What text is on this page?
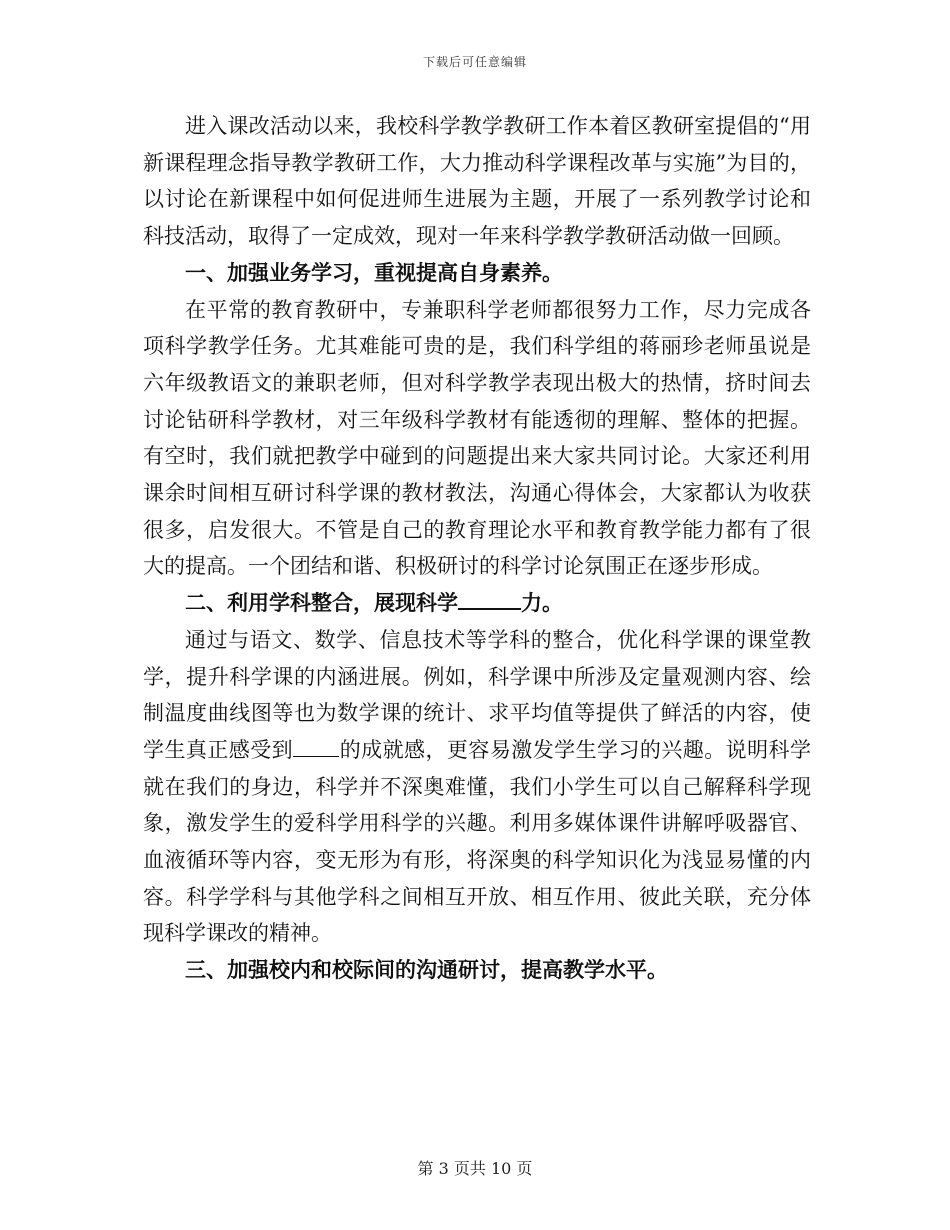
下载后可任意编辑

进入课改活动以来，我校科学教学教研工作本着区教研室提倡的“用新课程理念指导教学教研工作，大力推动科学课程改革与实施”为目的，以讨论在新课程中如何促进师生进展为主题，开展了一系列教学讨论和科技活动，取得了一定成效，现对一年来科学教学教研活动做一回顾。

一、加强业务学习，重视提高自身素养。

在平常的教育教研中，专兼职科学老师都很努力工作，尽力完成各项科学教学任务。尤其难能可贵的是，我们科学组的蒋丽珍老师虽说是六年级教语文的兼职老师，但对科学教学表现出极大的热情，挤时间去讨论钻研科学教材，对三年级科学教材有能透彻的理解、整体的把握。有空时，我们就把教学中碰到的问题提出来大家共同讨论。大家还利用课余时间相互研讨科学课的教材教法，沟通心得体会，大家都认为收获很多，启发很大。不管是自己的教育理论水平和教育教学能力都有了很大的提高。一个团结和谐、积极研讨的科学讨论氛围正在逐步形成。

二、利用学科整合，展现科学	力。

通过与语文、数学、信息技术等学科的整合，优化科学课的课堂教学，提升科学课的内涵进展。例如，科学课中所涉及定量观测内容、绘制温度曲线图等也为数学课的统计、求平均值等提供了鲜活的内容，使学生真正感受到 的成就感，更容易激发学生学习的兴趣。说明科学就在我们的身边，科学并不深奥难懂，我们小学生可以自己解释科学现象，激发学生的爱科学用科学的兴趣。利用多媒体课件讲解呼吸器官、血液循环等内容，变无形为有形，将深奥的科学知识化为浅显易懂的内容。科学学科与其他学科之间相互开放、相互作用、彼此关联，充分体现科学课改的精神。

三、加强校内和校际间的沟通研讨，提高教学水平。

第 3 页共 10 页
